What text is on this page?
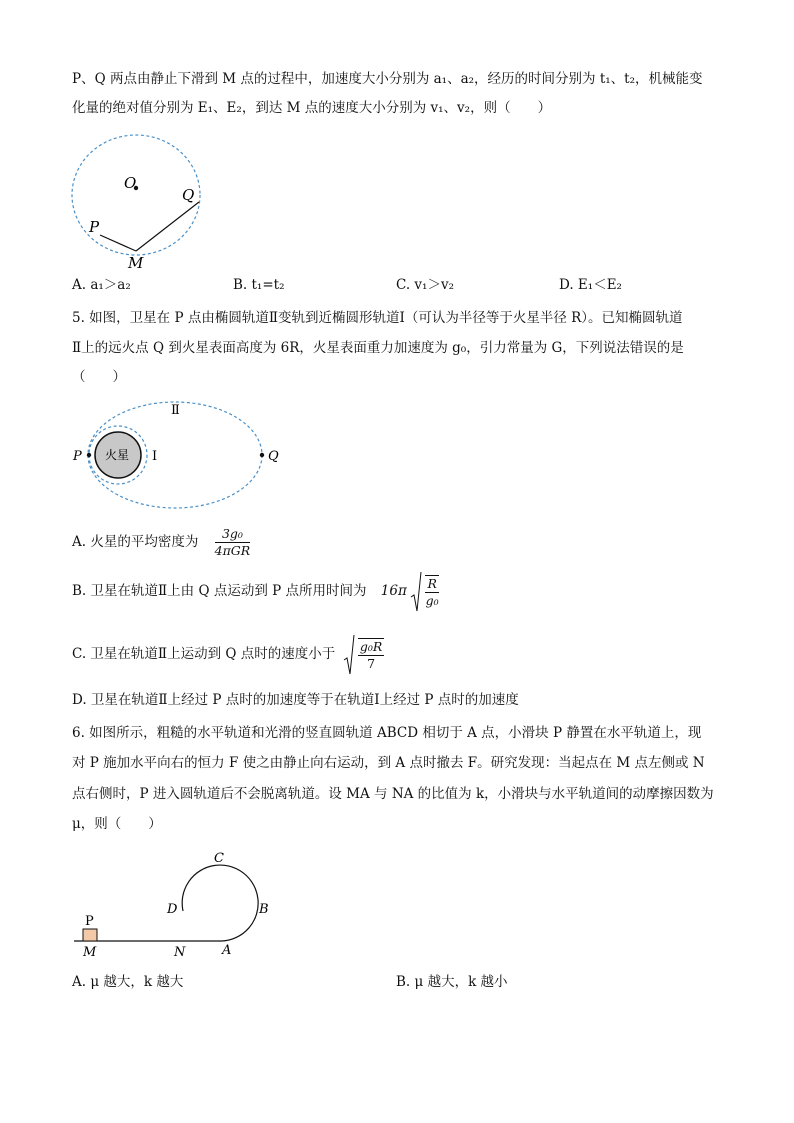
P、Q 两点由静止下滑到 M 点的过程中，加速度大小分别为 a₁、a₂，经历的时间分别为 t₁、t₂，机械能变
化量的绝对值分别为 E₁、E₂，到达 M 点的速度大小分别为 v₁、v₂，则（　　）
O
Q
P
M
A. a₁＞a₂	B. t₁=t₂	C. v₁＞v₂	D. E₁＜E₂
5. 如图，卫星在 P 点由椭圆轨道Ⅱ变轨到近椭圆形轨道Ⅰ（可认为半径等于火星半径 R）。已知椭圆轨道
Ⅱ上的远火点 Q 到火星表面高度为 6R，火星表面重力加速度为 g₀，引力常量为 G，下列说法错误的是
（　　）
火星
Ⅱ
Ⅰ
P	Q
A. 火星的平均密度为 $\frac{\text{3g₀}}{\text{4πGR}}$
B. 卫星在轨道Ⅱ上由 Q 点运动到 P 点所用时间为 $16\pi \frac{R}{\text{g₀}}$
C. 卫星在轨道Ⅱ上运动到 Q 点时的速度小于 $\frac{\text{g₀R}}{7}$
D. 卫星在轨道Ⅱ上经过 P 点时的加速度等于在轨道Ⅰ上经过 P 点时的加速度
6. 如图所示，粗糙的水平轨道和光滑的竖直圆轨道 ABCD 相切于 A 点，小滑块 P 静置在水平轨道上，现
对 P 施加水平向右的恒力 F 使之由静止向右运动，到 A 点时撤去 F。研究发现：当起点在 M 点左侧或 N
点右侧时，P 进入圆轨道后不会脱离轨道。设 MA 与 NA 的比值为 k，小滑块与水平轨道间的动摩擦因数为
μ，则（　　）
P
M	N	A
B
C
D
A. μ 越大，k 越大	B. μ 越大，k 越小
